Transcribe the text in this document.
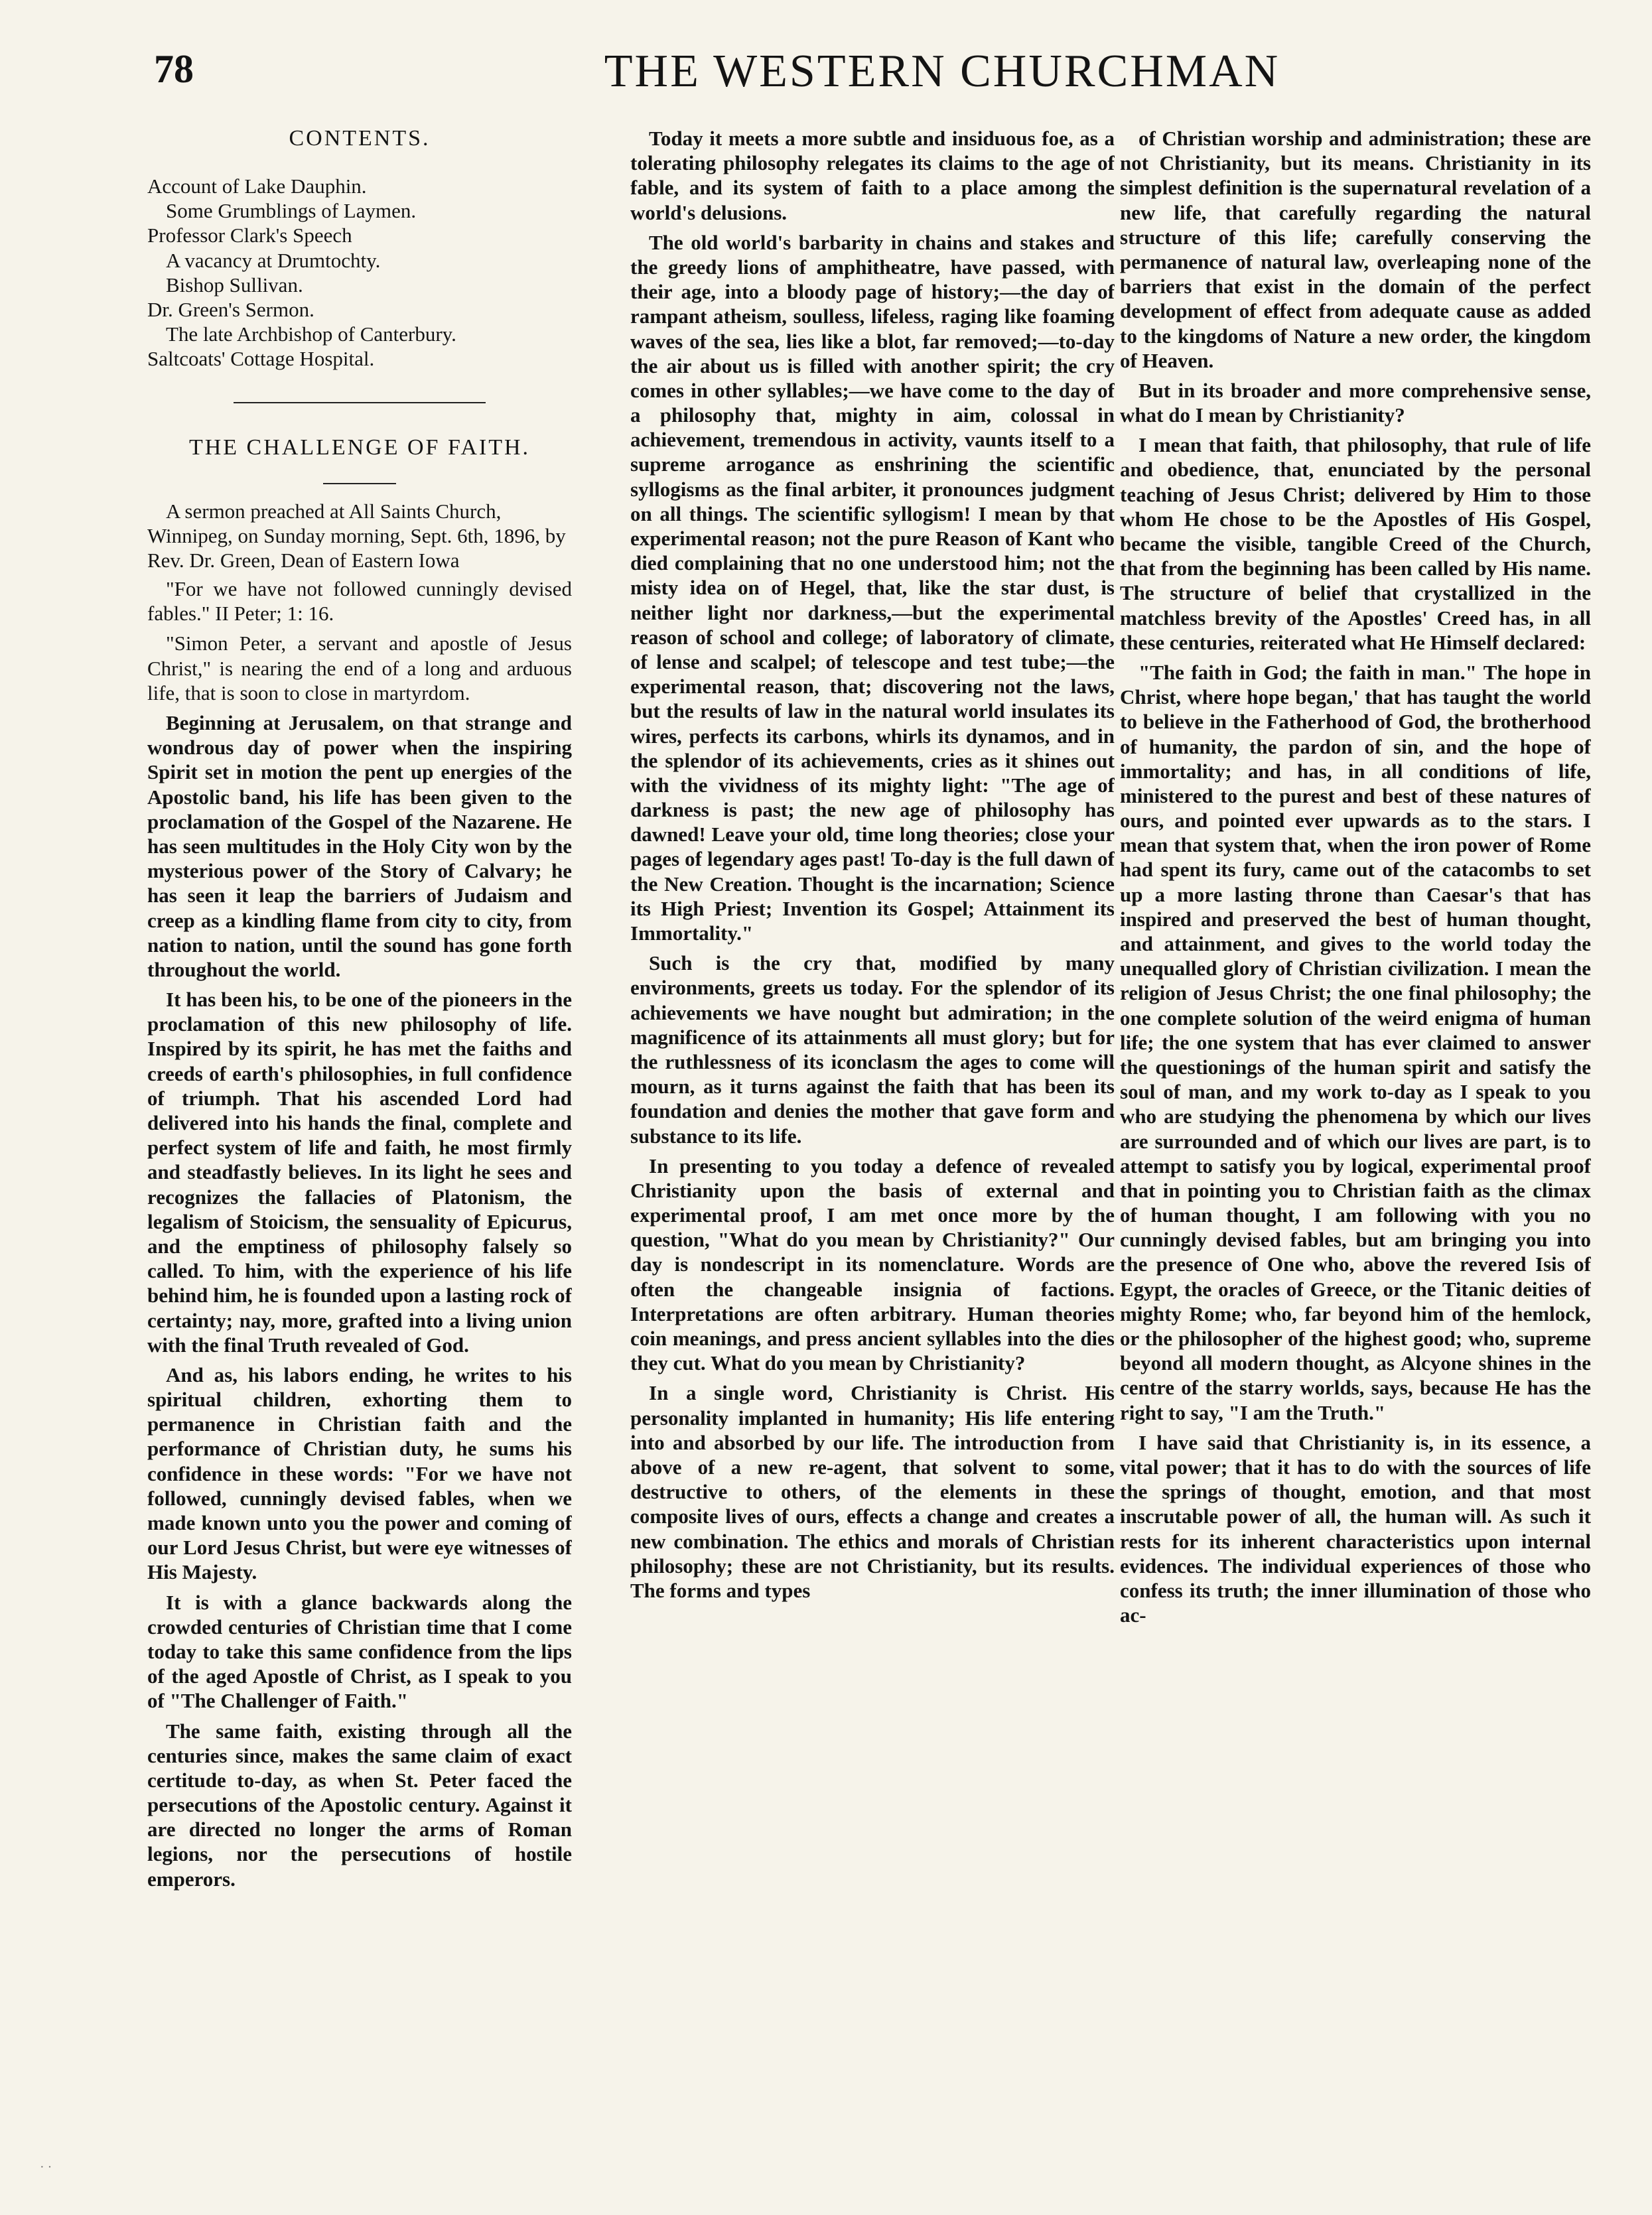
78	THE WESTERN CHURCHMAN
CONTENTS.
Account of Lake Dauphin.
Some Grumblings of Laymen.
Professor Clark's Speech
A vacancy at Drumtochty.
Bishop Sullivan.
Dr. Green's Sermon.
The late Archbishop of Canterbury.
Saltcoats' Cottage Hospital.
THE CHALLENGE OF FAITH.

A sermon preached at All Saints Church, Winnipeg, on Sunday morning, Sept. 6th, 1896, by Rev. Dr. Green, Dean of Eastern Iowa

"For we have not followed cunningly devised fables." II Peter; 1: 16.

"Simon Peter, a servant and apostle of Jesus Christ," is nearing the end of a long and arduous life, that is soon to close in martyrdom.

Beginning at Jerusalem, on that strange and wondrous day of power when the inspiring Spirit set in motion the pent up energies of the Apostolic band, his life has been given to the proclamation of the Gospel of the Nazarene. He has seen multitudes in the Holy City won by the mysterious power of the Story of Calvary; he has seen it leap the barriers of Judaism and creep as a kindling flame from city to city, from nation to nation, until the sound has gone forth throughout the world.

It has been his, to be one of the pioneers in the proclamation of this new philosophy of life. Inspired by its spirit, he has met the faiths and creeds of earth's philosophies, in full confidence of triumph. That his ascended Lord had delivered into his hands the final, complete and perfect system of life and faith, he most firmly and steadfastly believes. In its light he sees and recognizes the fallacies of Platonism, the legalism of Stoicism, the sensuality of Epicurus, and the emptiness of philosophy falsely so called. To him, with the experience of his life behind him, he is founded upon a lasting rock of certainty; nay, more, grafted into a living union with the final Truth revealed of God.

And as, his labors ending, he writes to his spiritual children, exhorting them to permanence in Christian faith and the performance of Christian duty, he sums his confidence in these words: "For we have not followed, cunningly devised fables, when we made known unto you the power and coming of our Lord Jesus Christ, but were eye witnesses of His Majesty.

It is with a glance backwards along the crowded centuries of Christian time that I come today to take this same confidence from the lips of the aged Apostle of Christ, as I speak to you of "The Challenger of Faith."

The same faith, existing through all the centuries since, makes the same claim of exact certitude to-day, as when St. Peter faced the persecutions of the Apostolic century. Against it are directed no longer the arms of Roman legions, nor the persecutions of hostile emperors.

Today it meets a more subtle and insiduous foe, as a tolerating philosophy relegates its claims to the age of fable, and its system of faith to a place among the world's delusions.

The old world's barbarity in chains and stakes and the greedy lions of amphitheatre, have passed, with their age, into a bloody page of history;—the day of rampant atheism, soulless, lifeless, raging like foaming waves of the sea, lies like a blot, far removed;—to-day the air about us is filled with another spirit; the cry comes in other syllables;—we have come to the day of a philosophy that, mighty in aim, colossal in achievement, tremendous in activity, vaunts itself to a supreme arrogance as enshrining the scientific syllogisms as the final arbiter, it pronounces judgment on all things. The scientific syllogism! I mean by that experimental reason; not the pure Reason of Kant who died complaining that no one understood him; not the misty idea on of Hegel, that, like the star dust, is neither light nor darkness,—but the experimental reason of school and college; of laboratory of climate, of lense and scalpel; of telescope and test tube;—the experimental reason, that; discovering not the laws, but the results of law in the natural world insulates its wires, perfects its carbons, whirls its dynamos, and in the splendor of its achievements, cries as it shines out with the vividness of its mighty light: "The age of darkness is past; the new age of philosophy has dawned! Leave your old, time long theories; close your pages of legendary ages past! To-day is the full dawn of the New Creation. Thought is the incarnation; Science its High Priest; Invention its Gospel; Attainment its Immortality."

Such is the cry that, modified by many environments, greets us today. For the splendor of its achievements we have nought but admiration; in the magnificence of its attainments all must glory; but for the ruthlessness of its iconclasm the ages to come will mourn, as it turns against the faith that has been its foundation and denies the mother that gave form and substance to its life.

In presenting to you today a defence of revealed Christianity upon the basis of external and experimental proof, I am met once more by the question, "What do you mean by Christianity?" Our day is nondescript in its nomenclature. Words are often the changeable insignia of factions. Interpretations are often arbitrary. Human theories coin meanings, and press ancient syllables into the dies they cut. What do you mean by Christianity?

In a single word, Christianity is Christ. His personality implanted in humanity; His life entering into and absorbed by our life. The introduction from above of a new re-agent, that solvent to some, destructive to others, of the elements in these composite lives of ours, effects a change and creates a new combination. The ethics and morals of Christian philosophy; these are not Christianity, but its results. The forms and types

of Christian worship and administration; these are not Christianity, but its means. Christianity in its simplest definition is the supernatural revelation of a new life, that carefully regarding the natural structure of this life; carefully conserving the permanence of natural law, overleaping none of the barriers that exist in the domain of the perfect development of effect from adequate cause as added to the kingdoms of Nature a new order, the kingdom of Heaven.

But in its broader and more comprehensive sense, what do I mean by Christianity?

I mean that faith, that philosophy, that rule of life and obedience, that, enunciated by the personal teaching of Jesus Christ; delivered by Him to those whom He chose to be the Apostles of His Gospel, became the visible, tangible Creed of the Church, that from the beginning has been called by His name. The structure of belief that crystallized in the matchless brevity of the Apostles' Creed has, in all these centuries, reiterated what He Himself declared:

"The faith in God; the faith in man." The hope in Christ, where hope began,' that has taught the world to believe in the Fatherhood of God, the brotherhood of humanity, the pardon of sin, and the hope of immortality; and has, in all conditions of life, ministered to the purest and best of these natures of ours, and pointed ever upwards as to the stars. I mean that system that, when the iron power of Rome had spent its fury, came out of the catacombs to set up a more lasting throne than Caesar's that has inspired and preserved the best of human thought, and attainment, and gives to the world today the unequalled glory of Christian civilization. I mean the religion of Jesus Christ; the one final philosophy; the one complete solution of the weird enigma of human life; the one system that has ever claimed to answer the questionings of the human spirit and satisfy the soul of man, and my work to-day as I speak to you who are studying the phenomena by which our lives are surrounded and of which our lives are part, is to attempt to satisfy you by logical, experimental proof that in pointing you to Christian faith as the climax of human thought, I am following with you no cunningly devised fables, but am bringing you into the presence of One who, above the revered Isis of Egypt, the oracles of Greece, or the Titanic deities of mighty Rome; who, far beyond him of the hemlock, or the philosopher of the highest good; who, supreme beyond all modern thought, as Alcyone shines in the centre of the starry worlds, says, because He has the right to say, "I am the Truth."

I have said that Christianity is, in its essence, a vital power; that it has to do with the sources of life the springs of thought, emotion, and that most inscrutable power of all, the human will. As such it rests for its inherent characteristics upon internal evidences. The individual experiences of those who confess its truth; the inner illumination of those who ac-

· ·
